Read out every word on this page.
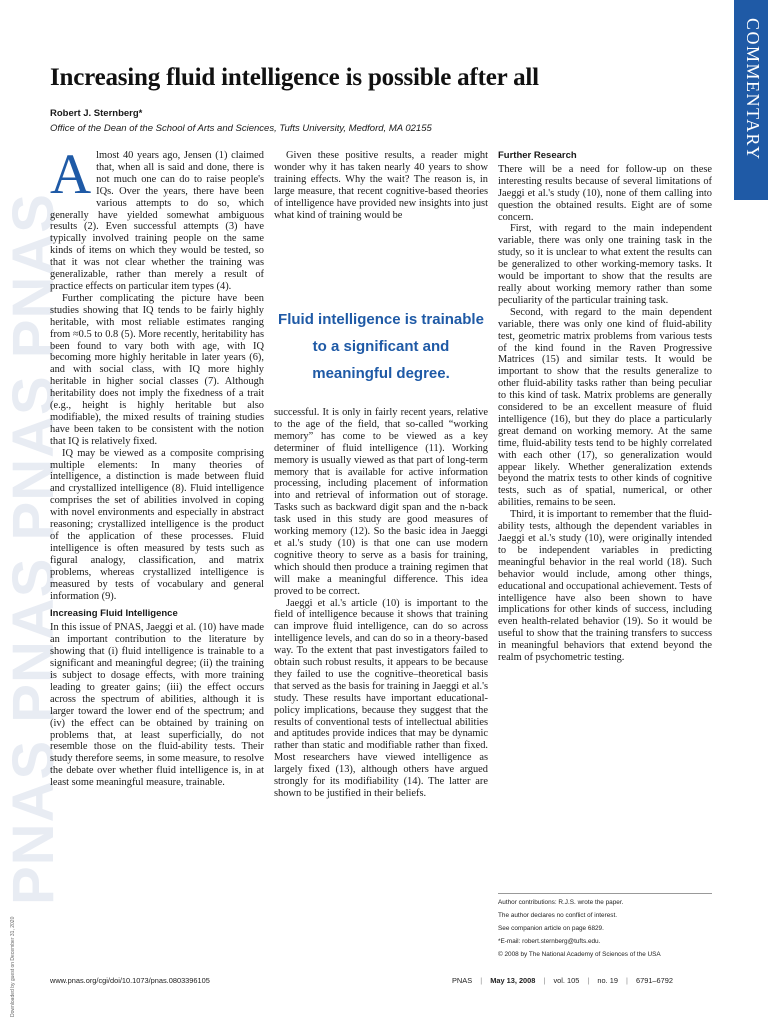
PNAS PNAS PNAS PNAS
COMMENTARY
Downloaded by guest on December 31, 2020
Increasing fluid intelligence is possible after all
Robert J. Sternberg*
Office of the Dean of the School of Arts and Sciences, Tufts University, Medford, MA 02155

Almost 40 years ago, Jensen (1) claimed that, when all is said and done, there is not much one can do to raise people's IQs. Over the years, there have been various attempts to do so, which generally have yielded somewhat ambiguous results (2). Even successful attempts (3) have typically involved training people on the same kinds of items on which they would be tested, so that it was not clear whether the training was generalizable, rather than merely a result of practice effects on particular item types (4).

Further complicating the picture have been studies showing that IQ tends to be fairly highly heritable, with most reliable estimates ranging from ≈0.5 to 0.8 (5). More recently, heritability has been found to vary both with age, with IQ becoming more highly heritable in later years (6), and with social class, with IQ more highly heritable in higher social classes (7). Although heritability does not imply the fixedness of a trait (e.g., height is highly heritable but also modifiable), the mixed results of training studies have been taken to be consistent with the notion that IQ is relatively fixed.

IQ may be viewed as a composite comprising multiple elements: In many theories of intelligence, a distinction is made between fluid and crystallized intelligence (8). Fluid intelligence comprises the set of abilities involved in coping with novel environments and especially in abstract reasoning; crystallized intelligence is the product of the application of these processes. Fluid intelligence is often measured by tests such as figural analogy, classification, and matrix problems, whereas crystallized intelligence is measured by tests of vocabulary and general information (9).

Increasing Fluid Intelligence

In this issue of PNAS, Jaeggi et al. (10) have made an important contribution to the literature by showing that (i) fluid intelligence is trainable to a significant and meaningful degree; (ii) the training is subject to dosage effects, with more training leading to greater gains; (iii) the effect occurs across the spectrum of abilities, although it is larger toward the lower end of the spectrum; and (iv) the effect can be obtained by training on problems that, at least superficially, do not resemble those on the fluid-ability tests. Their study therefore seems, in some measure, to resolve the debate over whether fluid intelligence is, in at least some meaningful measure, trainable.

Given these positive results, a reader might wonder why it has taken nearly 40 years to show training effects. Why the wait? The reason is, in large measure, that recent cognitive-based theories of intelligence have provided new insights into just what kind of training would be

Fluid intelligence is trainable to a significant and meaningful degree.

successful. It is only in fairly recent years, relative to the age of the field, that so-called “working memory” has come to be viewed as a key determiner of fluid intelligence (11). Working memory is usually viewed as that part of long-term memory that is available for active information processing, including placement of information into and retrieval of information out of storage. Tasks such as backward digit span and the n-back task used in this study are good measures of working memory (12). So the basic idea in Jaeggi et al.'s study (10) is that one can use modern cognitive theory to serve as a basis for training, which should then produce a training regimen that will make a meaningful difference. This idea proved to be correct.

Jaeggi et al.'s article (10) is important to the field of intelligence because it shows that training can improve fluid intelligence, can do so across intelligence levels, and can do so in a theory-based way. To the extent that past investigators failed to obtain such robust results, it appears to be because they failed to use the cognitive–theoretical basis that served as the basis for training in Jaeggi et al.'s study. These results have important educational-policy implications, because they suggest that the results of conventional tests of intellectual abilities and aptitudes provide indices that may be dynamic rather than static and modifiable rather than fixed. Most researchers have viewed intelligence as largely fixed (13), although others have argued strongly for its modifiability (14). The latter are shown to be justified in their beliefs.

Further Research

There will be a need for follow-up on these interesting results because of several limitations of Jaeggi et al.'s study (10), none of them calling into question the obtained results. Eight are of some concern.

First, with regard to the main independent variable, there was only one training task in the study, so it is unclear to what extent the results can be generalized to other working-memory tasks. It would be important to show that the results are really about working memory rather than some peculiarity of the particular training task.

Second, with regard to the main dependent variable, there was only one kind of fluid-ability test, geometric matrix problems from various tests of the kind found in the Raven Progressive Matrices (15) and similar tests. It would be important to show that the results generalize to other fluid-ability tasks rather than being peculiar to this kind of task. Matrix problems are generally considered to be an excellent measure of fluid intelligence (16), but they do place a particularly great demand on working memory. At the same time, fluid-ability tests tend to be highly correlated with each other (17), so generalization would appear likely. Whether generalization extends beyond the matrix tests to other kinds of cognitive tests, such as of spatial, numerical, or other abilities, remains to be seen.

Third, it is important to remember that the fluid-ability tests, although the dependent variables in Jaeggi et al.'s study (10), were originally intended to be independent variables in predicting meaningful behavior in the real world (18). Such behavior would include, among other things, educational and occupational achievement. Tests of intelligence have also been shown to have implications for other kinds of success, including even health-related behavior (19). So it would be useful to show that the training transfers to success in meaningful behaviors that extend beyond the realm of psychometric testing.

Author contributions: R.J.S. wrote the paper.
The author declares no conflict of interest.
See companion article on page 6829.
*E-mail: robert.sternberg@tufts.edu.
© 2008 by The National Academy of Sciences of the USA
www.pnas.org/cgi/doi/10.1073/pnas.0803396105	PNAS | May 13, 2008 | vol. 105 | no. 19 | 6791–6792
